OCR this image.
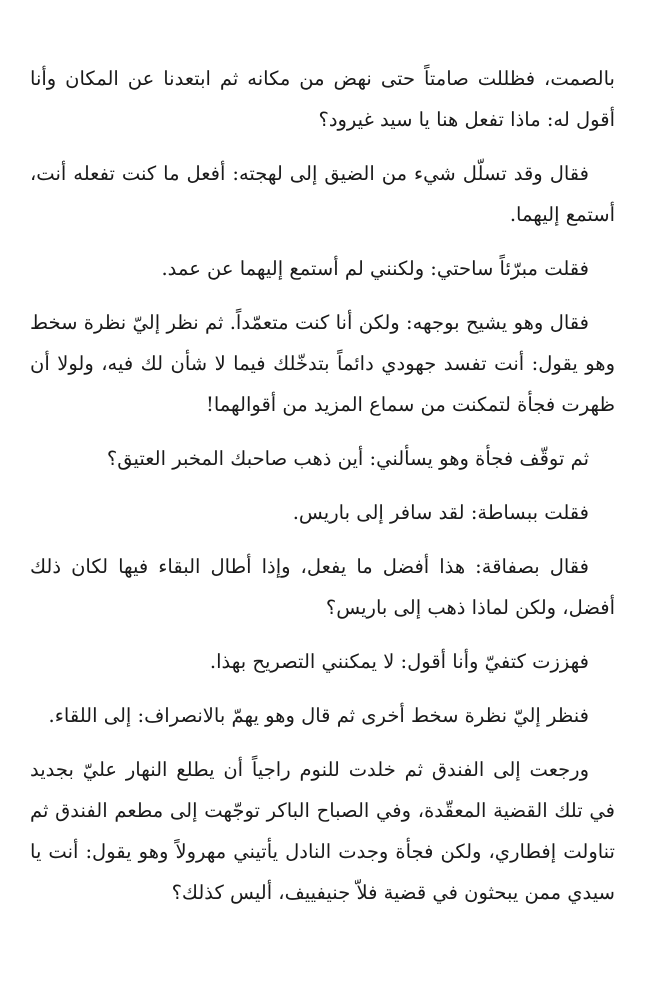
بالصمت، فظللت صامتاً حتى نهض من مكانه ثم ابتعدنا عن المكان وأنا أقول له: ماذا تفعل هنا يا سيد غيرود؟

فقال وقد تسلّل شيء من الضيق إلى لهجته: أفعل ما كنت تفعله أنت، أستمع إليهما.

فقلت مبرّئاً ساحتي: ولكنني لم أستمع إليهما عن عمد.

فقال وهو يشيح بوجهه: ولكن أنا كنت متعمّداً. ثم نظر إليّ نظرة سخط وهو يقول: أنت تفسد جهودي دائماً بتدخّلك فيما لا شأن لك فيه، ولولا أن ظهرت فجأة لتمكنت من سماع المزيد من أقوالهما!

ثم توقّف فجأة وهو يسألني: أين ذهب صاحبك المخبر العتيق؟

فقلت ببساطة: لقد سافر إلى باريس.

فقال بصفاقة: هذا أفضل ما يفعل، وإذا أطال البقاء فيها لكان ذلك أفضل، ولكن لماذا ذهب إلى باريس؟

فهززت كتفيّ وأنا أقول: لا يمكنني التصريح بهذا.

فنظر إليّ نظرة سخط أخرى ثم قال وهو يهمّ بالانصراف: إلى اللقاء.

ورجعت إلى الفندق ثم خلدت للنوم راجياً أن يطلع النهار عليّ بجديد في تلك القضية المعقّدة، وفي الصباح الباكر توجّهت إلى مطعم الفندق ثم تناولت إفطاري، ولكن فجأة وجدت النادل يأتيني مهرولاً وهو يقول: أنت يا سيدي ممن يبحثون في قضية فلاّ جنيفييف، أليس كذلك؟
